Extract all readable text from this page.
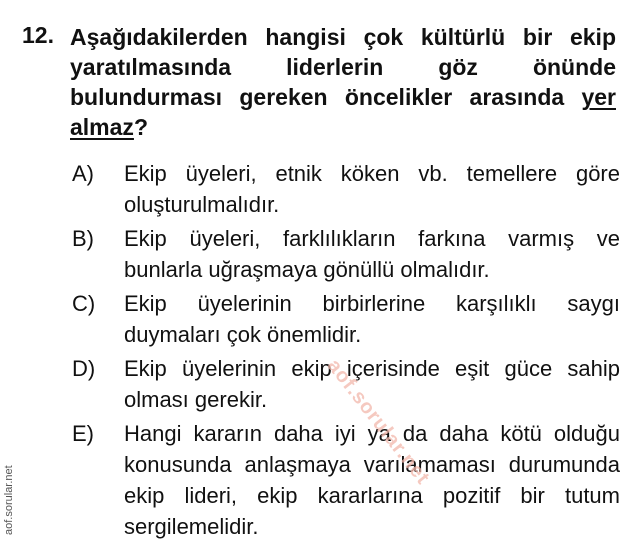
12. Aşağıdakilerden hangisi çok kültürlü bir ekip yaratılmasında liderlerin göz önünde bulundurması gereken öncelikler arasında yer almaz?
A)	Ekip üyeleri, etnik köken vb. temellere göre oluşturulmalıdır.
B)	Ekip üyeleri, farklılıkların farkına varmış ve bunlarla uğraşmaya gönüllü olmalıdır.
C)	Ekip üyelerinin birbirlerine karşılıklı saygı duymaları çok önemlidir.
D)	Ekip üyelerinin ekip içerisinde eşit güce sahip olması gerekir.
E)	Hangi kararın daha iyi ya da daha kötü olduğu konusunda anlaşmaya varılamaması durumunda ekip lideri, ekip kararlarına pozitif bir tutum sergilemelidir.
aof.sorular.net
aof.sorular.net
